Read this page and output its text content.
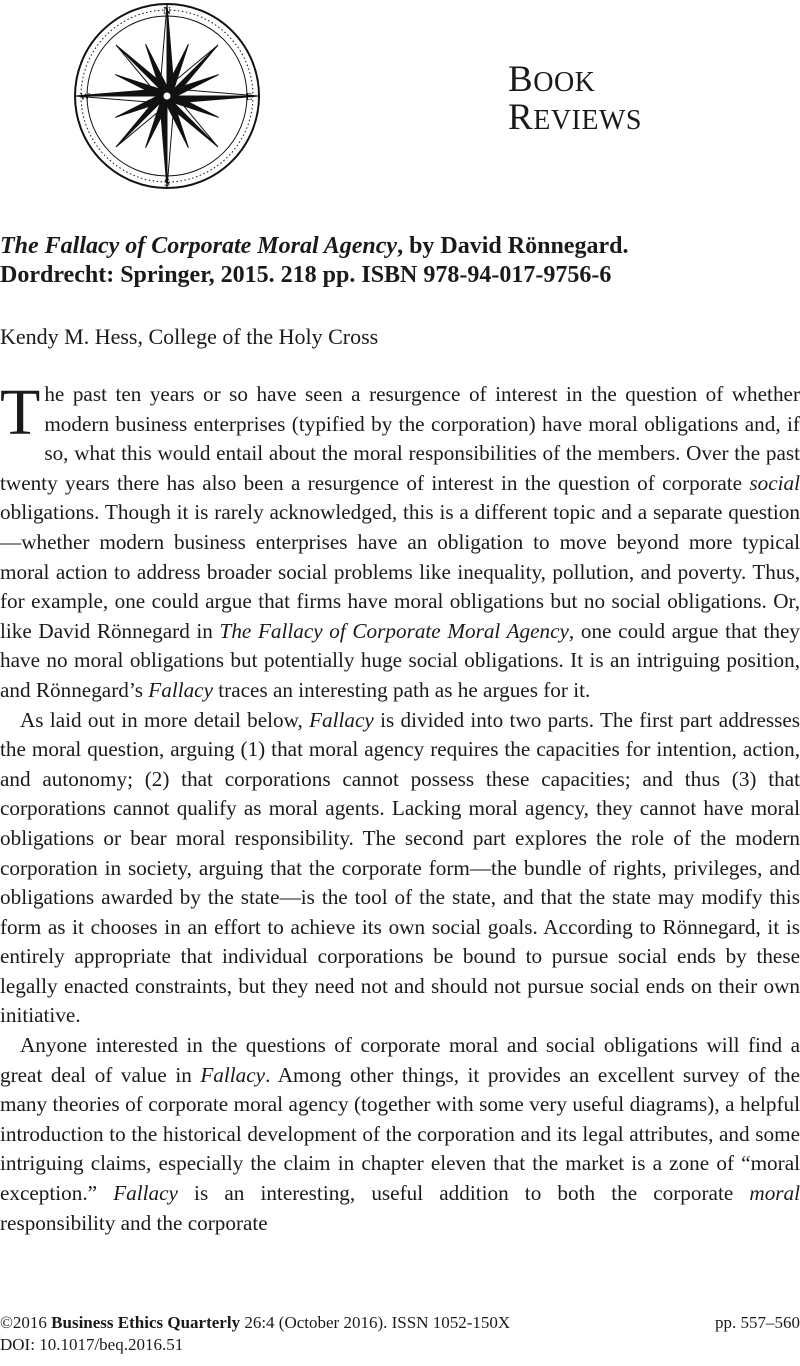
N
E
S
W	BOOK
REVIEWS
The Fallacy of Corporate Moral Agency, by David Rönnegard.
Dordrecht: Springer, 2015. 218 pp. ISBN 978-94-017-9756-6
Kendy M. Hess, College of the Holy Cross

The past ten years or so have seen a resurgence of interest in the question of whether modern business enterprises (typified by the corporation) have moral obligations and, if so, what this would entail about the moral responsibilities of the members. Over the past twenty years there has also been a resurgence of interest in the question of corporate social obligations. Though it is rarely acknowledged, this is a different topic and a separate question—whether modern business enterprises have an obligation to move beyond more typical moral action to address broader social problems like inequality, pollution, and poverty. Thus, for example, one could argue that firms have moral obligations but no social obligations. Or, like David Rönnegard in The Fallacy of Corporate Moral Agency, one could argue that they have no moral obligations but potentially huge social obligations. It is an intriguing position, and Rönnegard’s Fallacy traces an interesting path as he argues for it.

As laid out in more detail below, Fallacy is divided into two parts. The first part addresses the moral question, arguing (1) that moral agency requires the capacities for intention, action, and autonomy; (2) that corporations cannot possess these capacities; and thus (3) that corporations cannot qualify as moral agents. Lacking moral agency, they cannot have moral obligations or bear moral responsibility. The second part explores the role of the modern corporation in society, arguing that the corporate form—the bundle of rights, privileges, and obligations awarded by the state—is the tool of the state, and that the state may modify this form as it chooses in an effort to achieve its own social goals. According to Rönnegard, it is entirely appropriate that individual corporations be bound to pursue social ends by these legally enacted constraints, but they need not and should not pursue social ends on their own initiative.

Anyone interested in the questions of corporate moral and social obligations will find a great deal of value in Fallacy. Among other things, it provides an excellent survey of the many theories of corporate moral agency (together with some very useful diagrams), a helpful introduction to the historical development of the corporation and its legal attributes, and some intriguing claims, especially the claim in chapter eleven that the market is a zone of “moral exception.” Fallacy is an interesting, useful addition to both the corporate moral responsibility and the corporate

©2016 Business Ethics Quarterly 26:4 (October 2016). ISSN 1052-150X	pp. 557–560
DOI: 10.1017/beq.2016.51
